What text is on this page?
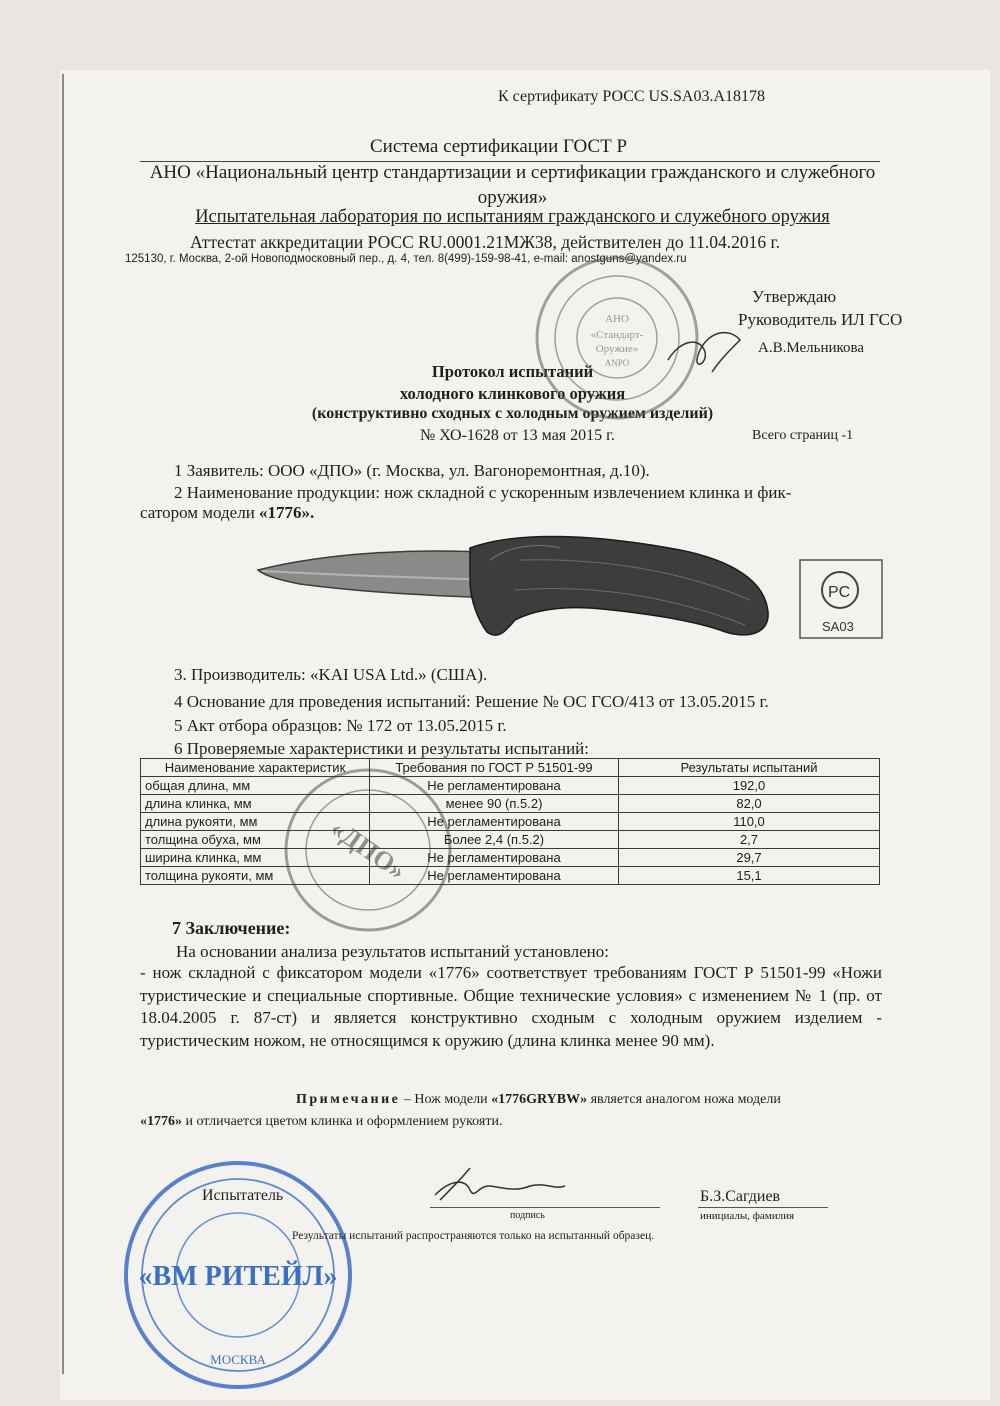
К сертификату РОСС US.SA03.A18178
Система сертификации ГОСТ Р
АНО «Национальный центр стандартизации и сертификации гражданского и служебного оружия»
Испытательная лаборатория по испытаниям гражданского и служебного оружия
Аттестат аккредитации РОСС RU.0001.21МЖ38, действителен до 11.04.2016 г.
125130, г. Москва, 2-ой Новоподмосковный пер., д. 4, тел. 8(499)-159-98-41, e-mail: anostguns@yandex.ru
Утверждаю
Руководитель ИЛ ГСО
А.В.Мельникова
Протокол испытаний
холодного клинкового оружия
(конструктивно сходных с холодным оружием изделий)
№ ХО-1628 от 13 мая 2015 г.	Всего страниц -1
1 Заявитель: ООО «ДПО» (г. Москва, ул. Вагоноремонтная, д.10).
2 Наименование продукции: нож складной с ускоренным извлечением клинка и фик-
сатором модели «1776».
PC
SA03
АНО
«Стандарт-
Оружие»
ANPO
«ДПО»
«ВМ РИТЕЙЛ»
МОСКВА
3. Производитель: «KAI USA Ltd.» (США).
4 Основание для проведения испытаний: Решение № ОС ГСО/413 от 13.05.2015 г.
5 Акт отбора образцов: № 172 от 13.05.2015 г.
6 Проверяемые характеристики и результаты испытаний:
Наименование характеристик	Требования по ГОСТ Р 51501-99	Результаты испытаний
общая длина, мм	Не регламентирована	192,0
длина клинка, мм	менее 90 (п.5.2)	82,0
длина рукояти, мм	Не регламентирована	110,0
толщина обуха, мм	Более 2,4 (п.5.2)	2,7
ширина клинка, мм	Не регламентирована	29,7
толщина рукояти, мм	Не регламентирована	15,1
7 Заключение:
На основании анализа результатов испытаний установлено:
- нож складной с фиксатором модели «1776» соответствует требованиям ГОСТ Р 51501-99 «Ножи туристические и специальные спортивные. Общие технические условия» с изменением № 1 (пр. от 18.04.2005 г. 87-ст) и является конструктивно сходным с холодным оружием изделием - туристическим ножом, не относящимся к оружию (длина клинка менее 90 мм).
Примечание – Нож модели «1776GRYBW» является аналогом ножа модели
«1776» и отличается цветом клинка и оформлением рукояти.
Испытатель
подпись
Б.З.Сагдиев
инициалы, фамилия
Результаты испытаний распространяются только на испытанный образец.
